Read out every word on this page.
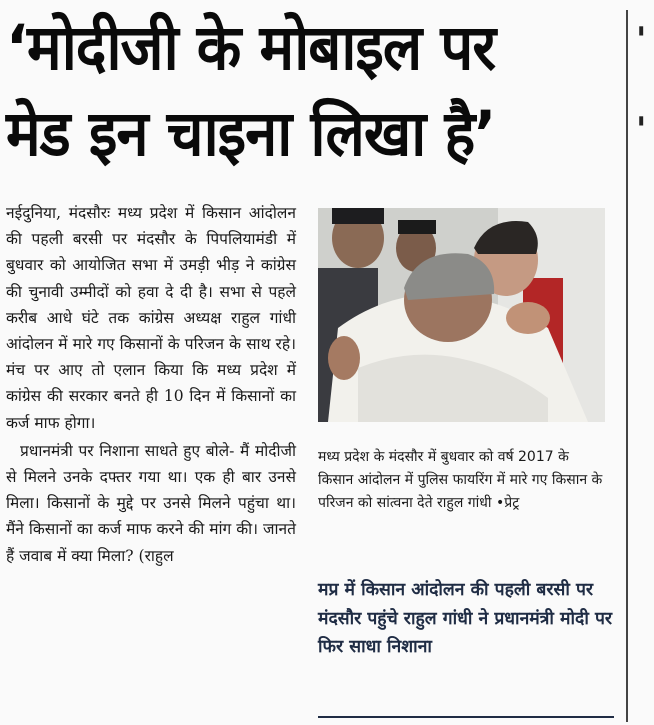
‘मोदीजी के मोबाइल पर
मेड इन चाइना लिखा है’
'
'

नईदुनिया, मंदसौरः मध्य प्रदेश में किसान आंदोलन की पहली बरसी पर मंदसौर के पिपलियामंडी में बुधवार को आयोजित सभा में उमड़ी भीड़ ने कांग्रेस की चुनावी उम्मीदों को हवा दे दी है। सभा से पहले करीब आधे घंटे तक कांग्रेस अध्यक्ष राहुल गांधी आंदोलन में मारे गए किसानों के परिजन के साथ रहे। मंच पर आए तो एलान किया कि मध्य प्रदेश में कांग्रेस की सरकार बनते ही 10 दिन में किसानों का कर्ज माफ होगा।

प्रधानमंत्री पर निशाना साधते हुए बोले- मैं मोदीजी से मिलने उनके दफ्तर गया था। एक ही बार उनसे मिला। किसानों के मुद्दे पर उनसे मिलने पहुंचा था। मैंने किसानों का कर्ज माफ करने की मांग की। जानते हैं जवाब में क्या मिला? (राहुल

मध्य प्रदेश के मंदसौर में बुधवार को वर्ष 2017 के किसान आंदोलन में पुलिस फायरिंग में मारे गए किसान के परिजन को सांत्वना देते राहुल गांधी •प्रेट्र
मप्र में किसान आंदोलन की पहली बरसी पर मंदसौर पहुंचे राहुल गांधी ने प्रधानमंत्री मोदी पर फिर साधा निशाना
